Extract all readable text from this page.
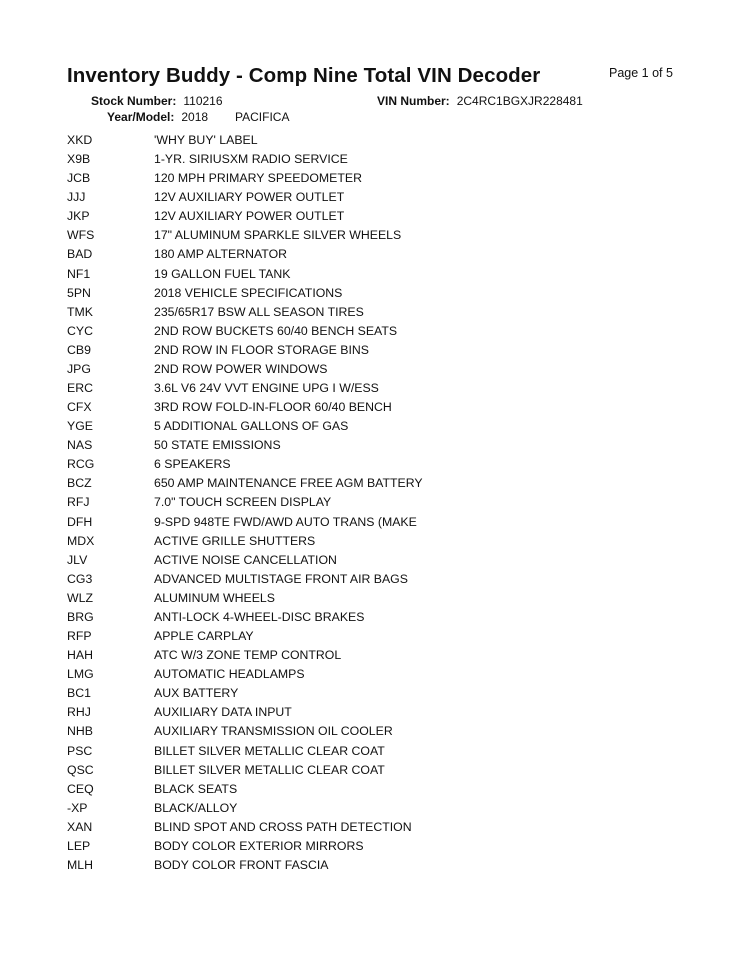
Inventory Buddy - Comp Nine Total VIN Decoder	Page 1 of 5
Stock Number: 110216	VIN Number: 2C4RC1BGXJR228481
Year/Model: 2018 PACIFICA
XKD	'WHY BUY' LABEL
X9B	1-YR. SIRIUSXM RADIO SERVICE
JCB	120 MPH PRIMARY SPEEDOMETER
JJJ	12V AUXILIARY POWER OUTLET
JKP	12V AUXILIARY POWER OUTLET
WFS	17" ALUMINUM SPARKLE SILVER WHEELS
BAD	180 AMP ALTERNATOR
NF1	19 GALLON FUEL TANK
5PN	2018 VEHICLE SPECIFICATIONS
TMK	235/65R17 BSW ALL SEASON TIRES
CYC	2ND ROW BUCKETS 60/40 BENCH SEATS
CB9	2ND ROW IN FLOOR STORAGE BINS
JPG	2ND ROW POWER WINDOWS
ERC	3.6L V6 24V VVT ENGINE UPG I W/ESS
CFX	3RD ROW FOLD-IN-FLOOR 60/40 BENCH
YGE	5 ADDITIONAL GALLONS OF GAS
NAS	50 STATE EMISSIONS
RCG	6 SPEAKERS
BCZ	650 AMP MAINTENANCE FREE AGM BATTERY
RFJ	7.0" TOUCH SCREEN DISPLAY
DFH	9-SPD 948TE FWD/AWD AUTO TRANS (MAKE
MDX	ACTIVE GRILLE SHUTTERS
JLV	ACTIVE NOISE CANCELLATION
CG3	ADVANCED MULTISTAGE FRONT AIR BAGS
WLZ	ALUMINUM WHEELS
BRG	ANTI-LOCK 4-WHEEL-DISC BRAKES
RFP	APPLE CARPLAY
HAH	ATC W/3 ZONE TEMP CONTROL
LMG	AUTOMATIC HEADLAMPS
BC1	AUX BATTERY
RHJ	AUXILIARY DATA INPUT
NHB	AUXILIARY TRANSMISSION OIL COOLER
PSC	BILLET SILVER METALLIC CLEAR COAT
QSC	BILLET SILVER METALLIC CLEAR COAT
CEQ	BLACK SEATS
-XP	BLACK/ALLOY
XAN	BLIND SPOT AND CROSS PATH DETECTION
LEP	BODY COLOR EXTERIOR MIRRORS
MLH	BODY COLOR FRONT FASCIA
